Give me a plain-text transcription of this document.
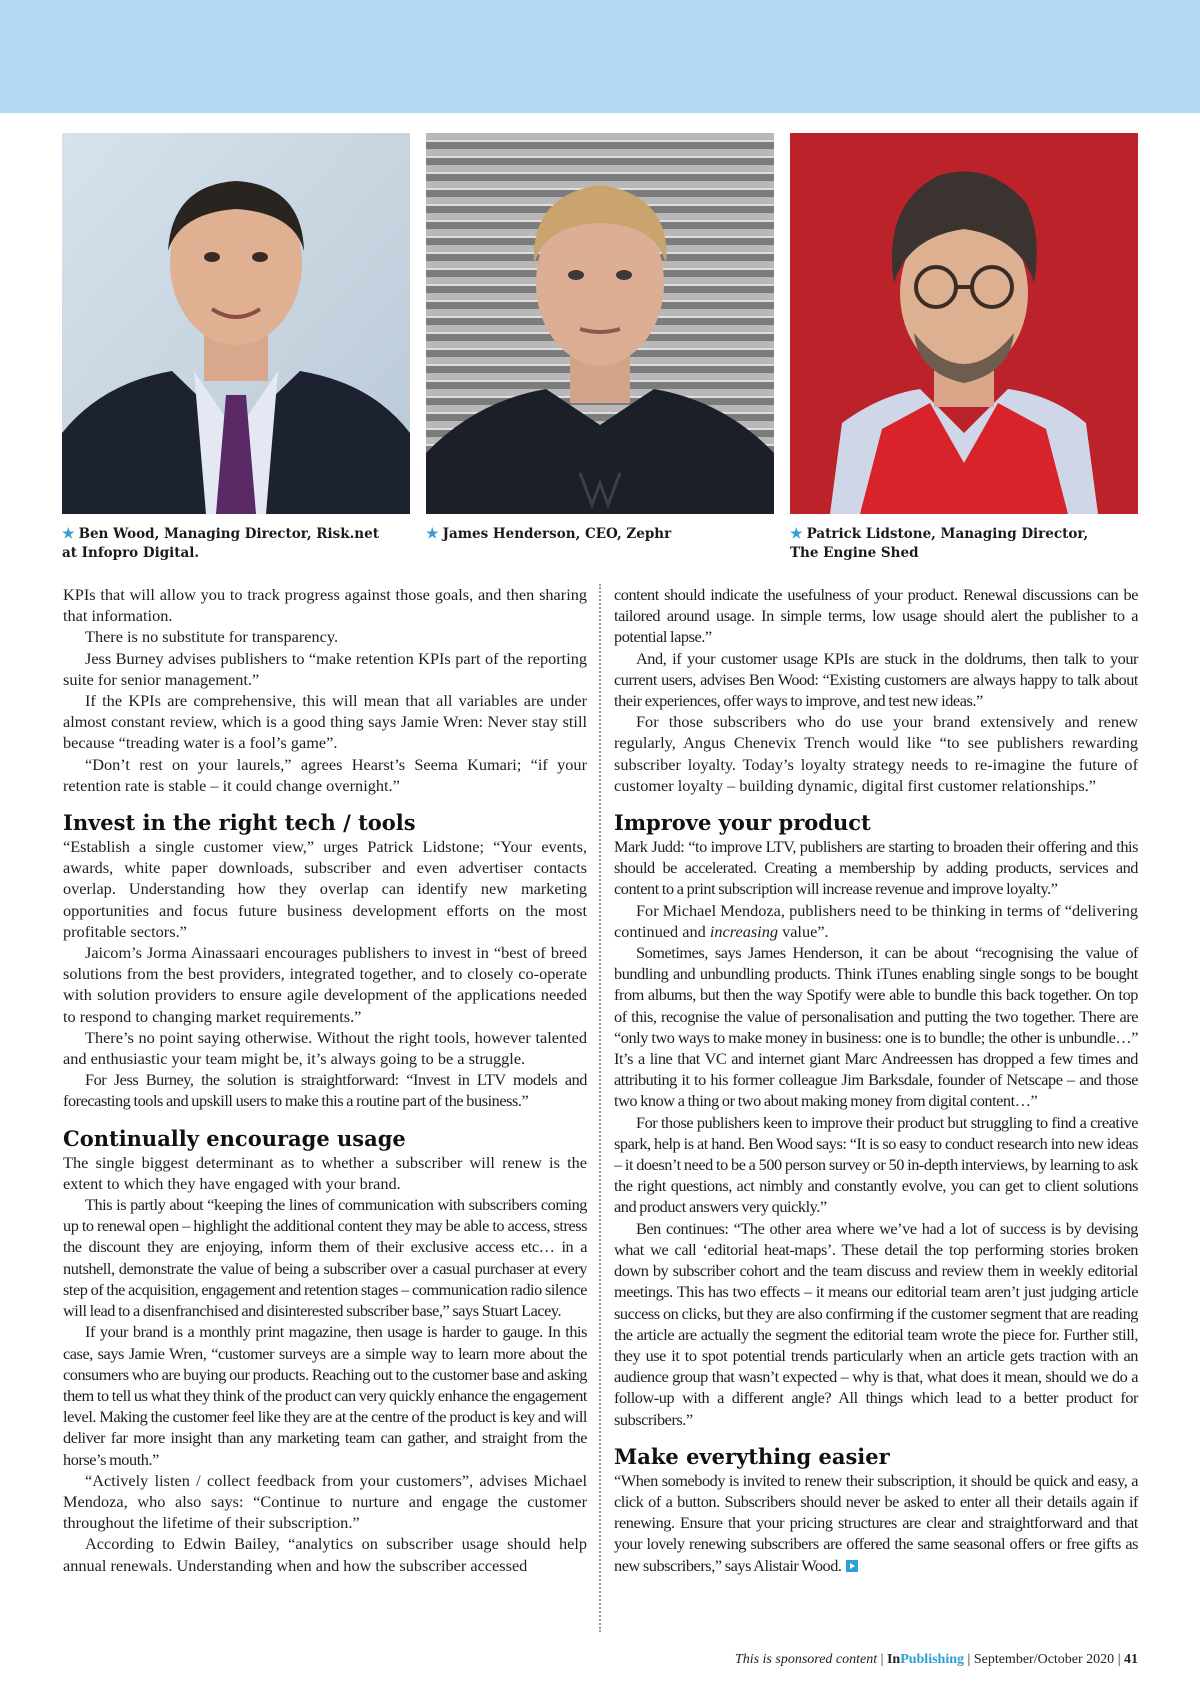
★ Ben Wood, Managing Director, Risk.net at Infopro Digital.
★ James Henderson, CEO, Zephr	★ Patrick Lidstone, Managing Director, The Engine Shed

KPIs that will allow you to track progress against those goals, and then sharing that information.

There is no substitute for transparency.

Jess Burney advises publishers to “make retention KPIs part of the reporting suite for senior management.”

If the KPIs are comprehensive, this will mean that all variables are under almost constant review, which is a good thing says Jamie Wren: Never stay still because “treading water is a fool’s game”.

“Don’t rest on your laurels,” agrees Hearst’s Seema Kumari; “if your retention rate is stable – it could change overnight.”

Invest in the right tech / tools

“Establish a single customer view,” urges Patrick Lidstone; “Your events, awards, white paper downloads, subscriber and even advertiser contacts overlap. Understanding how they overlap can identify new marketing opportunities and focus future business development efforts on the most profitable sectors.”

Jaicom’s Jorma Ainassaari encourages publishers to invest in “best of breed solutions from the best providers, integrated together, and to closely co-operate with solution providers to ensure agile development of the applications needed to respond to changing market requirements.”

There’s no point saying otherwise. Without the right tools, however talented and enthusiastic your team might be, it’s always going to be a struggle.

For Jess Burney, the solution is straightforward: “Invest in LTV models and forecasting tools and upskill users to make this a routine part of the business.”

Continually encourage usage

The single biggest determinant as to whether a subscriber will renew is the extent to which they have engaged with your brand.

This is partly about “keeping the lines of communication with subscribers coming up to renewal open – highlight the additional content they may be able to access, stress the discount they are enjoying, inform them of their exclusive access etc… in a nutshell, demonstrate the value of being a subscriber over a casual purchaser at every step of the acquisition, engagement and retention stages – communication radio silence will lead to a disenfranchised and disinterested subscriber base,” says Stuart Lacey.

If your brand is a monthly print magazine, then usage is harder to gauge. In this case, says Jamie Wren, “customer surveys are a simple way to learn more about the consumers who are buying our products. Reaching out to the customer base and asking them to tell us what they think of the product can very quickly enhance the engagement level. Making the customer feel like they are at the centre of the product is key and will deliver far more insight than any marketing team can gather, and straight from the horse’s mouth.”

“Actively listen / collect feedback from your customers”, advises Michael Mendoza, who also says: “Continue to nurture and engage the customer throughout the lifetime of their subscription.”

According to Edwin Bailey, “analytics on subscriber usage should help annual renewals. Understanding when and how the subscriber accessed

content should indicate the usefulness of your product. Renewal discussions can be tailored around usage. In simple terms, low usage should alert the publisher to a potential lapse.”

And, if your customer usage KPIs are stuck in the doldrums, then talk to your current users, advises Ben Wood: “Existing customers are always happy to talk about their experiences, offer ways to improve, and test new ideas.”

For those subscribers who do use your brand extensively and renew regularly, Angus Chenevix Trench would like “to see publishers rewarding subscriber loyalty. Today’s loyalty strategy needs to re-imagine the future of customer loyalty – building dynamic, digital first customer relationships.”

Improve your product

Mark Judd: “to improve LTV, publishers are starting to broaden their offering and this should be accelerated. Creating a membership by adding products, services and content to a print subscription will increase revenue and improve loyalty.”

For Michael Mendoza, publishers need to be thinking in terms of “delivering continued and increasing value”.

Sometimes, says James Henderson, it can be about “recognising the value of bundling and unbundling products. Think iTunes enabling single songs to be bought from albums, but then the way Spotify were able to bundle this back together. On top of this, recognise the value of personalisation and putting the two together. There are “only two ways to make money in business: one is to bundle; the other is unbundle…” It’s a line that VC and internet giant Marc Andreessen has dropped a few times and attributing it to his former colleague Jim Barksdale, founder of Netscape – and those two know a thing or two about making money from digital content…”

For those publishers keen to improve their product but struggling to find a creative spark, help is at hand. Ben Wood says: “It is so easy to conduct research into new ideas – it doesn’t need to be a 500 person survey or 50 in-depth interviews, by learning to ask the right questions, act nimbly and constantly evolve, you can get to client solutions and product answers very quickly.”

Ben continues: “The other area where we’ve had a lot of success is by devising what we call ‘editorial heat-maps’. These detail the top performing stories broken down by subscriber cohort and the team discuss and review them in weekly editorial meetings. This has two effects – it means our editorial team aren’t just judging article success on clicks, but they are also confirming if the customer segment that are reading the article are actually the segment the editorial team wrote the piece for. Further still, they use it to spot potential trends particularly when an article gets traction with an audience group that wasn’t expected – why is that, what does it mean, should we do a follow-up with a different angle? All things which lead to a better product for subscribers.”

Make everything easier

“When somebody is invited to renew their subscription, it should be quick and easy, a click of a button. Subscribers should never be asked to enter all their details again if renewing. Ensure that your pricing structures are clear and straightforward and that your lovely renewing subscribers are offered the same seasonal offers or free gifts as new subscribers,” says Alistair Wood.

This is sponsored content | InPublishing | September/October 2020 | 41
